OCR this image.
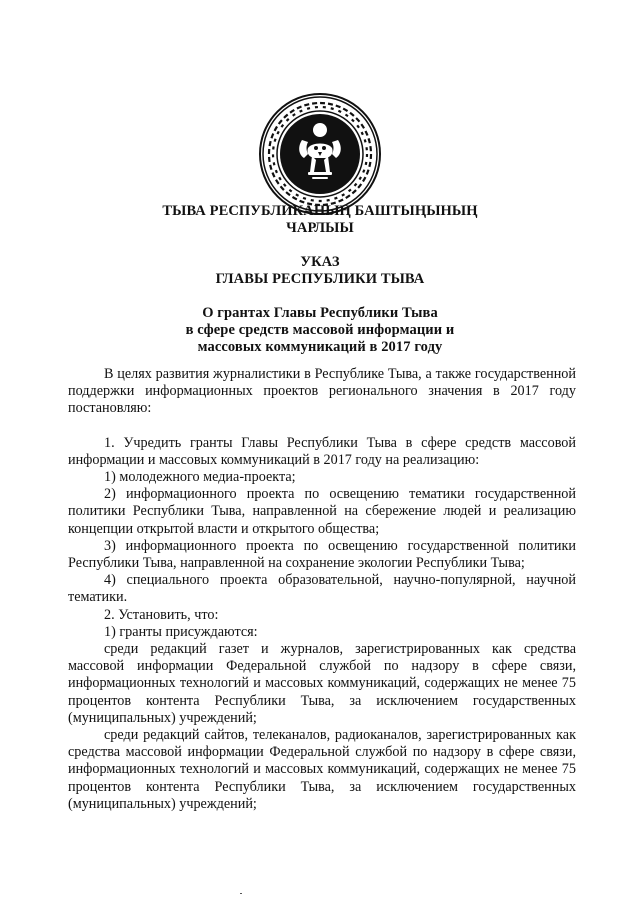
ТЫВА РЕСПУБЛИКАНЫҢ БАШТЫҢЫНЫҢ
ЧАРЛЫЫ
УКАЗ
ГЛАВЫ РЕСПУБЛИКИ ТЫВА
О грантах Главы Республики Тыва
в сфере средств массовой информации и
массовых коммуникаций в 2017 году

В целях развития журналистики в Республике Тыва, а также государственной поддержки информационных проектов регионального значения в 2017 году постановляю:

1. Учредить гранты Главы Республики Тыва в сфере средств массовой информации и массовых коммуникаций в 2017 году на реализацию:

1) молодежного медиа-проекта;

2) информационного проекта по освещению тематики государственной политики Республики Тыва, направленной на сбережение людей и реализацию концепции открытой власти и открытого общества;

3) информационного проекта по освещению государственной политики Республики Тыва, направленной на сохранение экологии Республики Тыва;

4) специального проекта образовательной, научно-популярной, научной тематики.

2. Установить, что:

1) гранты присуждаются:

среди редакций газет и журналов, зарегистрированных как средства массовой информации Федеральной службой по надзору в сфере связи, информационных технологий и массовых коммуникаций, содержащих не менее 75 процентов контента Республики Тыва, за исключением государственных (муниципальных) учреждений;

среди редакций сайтов, телеканалов, радиоканалов, зарегистрированных как средства массовой информации Федеральной службой по надзору в сфере связи, информационных технологий и массовых коммуникаций, содержащих не менее 75 процентов контента Республики Тыва, за исключением государственных (муниципальных) учреждений;
